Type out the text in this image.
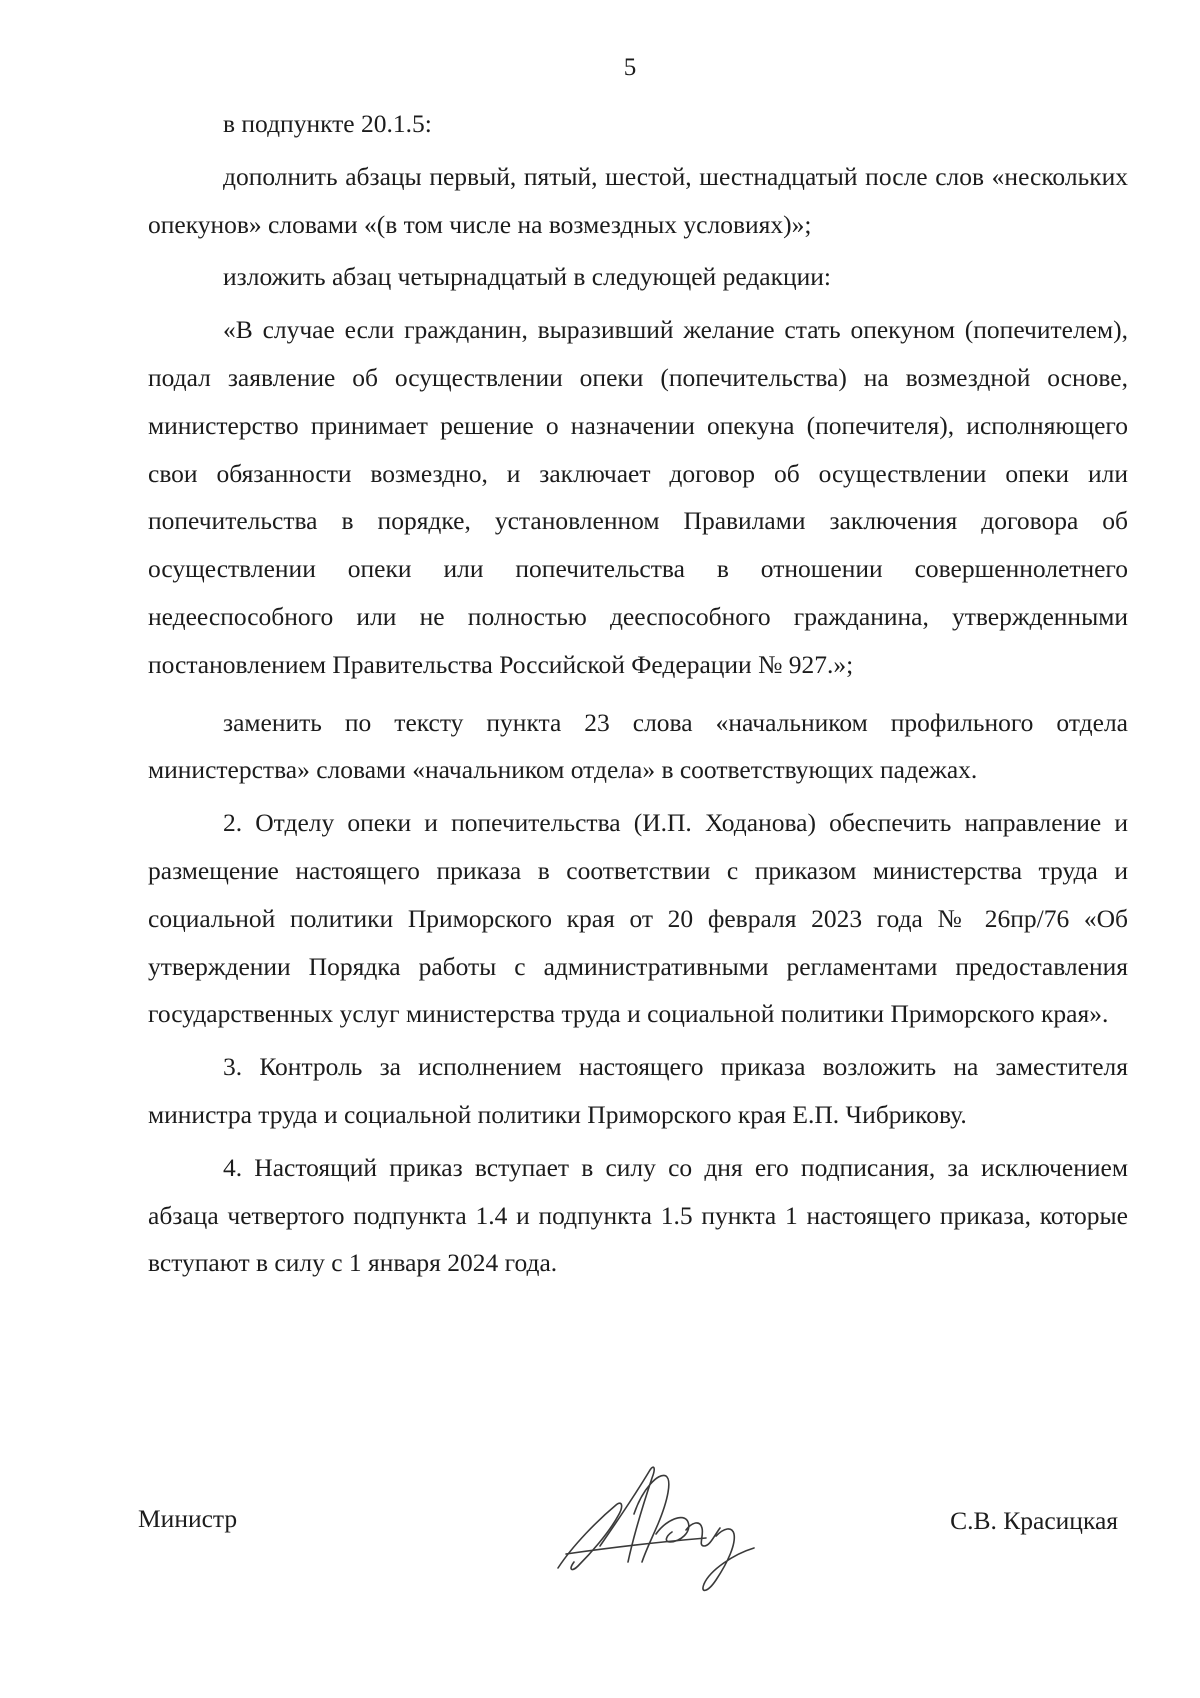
5

в подпункте 20.1.5:

дополнить абзацы первый, пятый, шестой, шестнадцатый после слов «нескольких опекунов» словами «(в том числе на возмездных условиях)»;

изложить абзац четырнадцатый в следующей редакции:

«В случае если гражданин, выразивший желание стать опекуном (попечителем), подал заявление об осуществлении опеки (попечительства) на возмездной основе, министерство принимает решение о назначении опекуна (попечителя), исполняющего свои обязанности возмездно, и заключает договор об осуществлении опеки или попечительства в порядке, установленном Правилами заключения договора об осуществлении опеки или попечительства в отношении совершеннолетнего недееспособного или не полностью дееспособного гражданина, утвержденными постановлением Правительства Российской Федерации № 927.»;

заменить по тексту пункта 23 слова «начальником профильного отдела министерства» словами «начальником отдела» в соответствующих падежах.

2. Отделу опеки и попечительства (И.П. Ходанова) обеспечить направление и размещение настоящего приказа в соответствии с приказом министерства труда и социальной политики Приморского края от 20 февраля 2023 года № 26пр/76 «Об утверждении Порядка работы с административными регламентами предоставления государственных услуг министерства труда и социальной политики Приморского края».

3. Контроль за исполнением настоящего приказа возложить на заместителя министра труда и социальной политики Приморского края Е.П. Чибрикову.

4. Настоящий приказ вступает в силу со дня его подписания, за исключением абзаца четвертого подпункта 1.4 и подпункта 1.5 пункта 1 настоящего приказа, которые вступают в силу с 1 января 2024 года.

Министр	С.В. Красицкая
